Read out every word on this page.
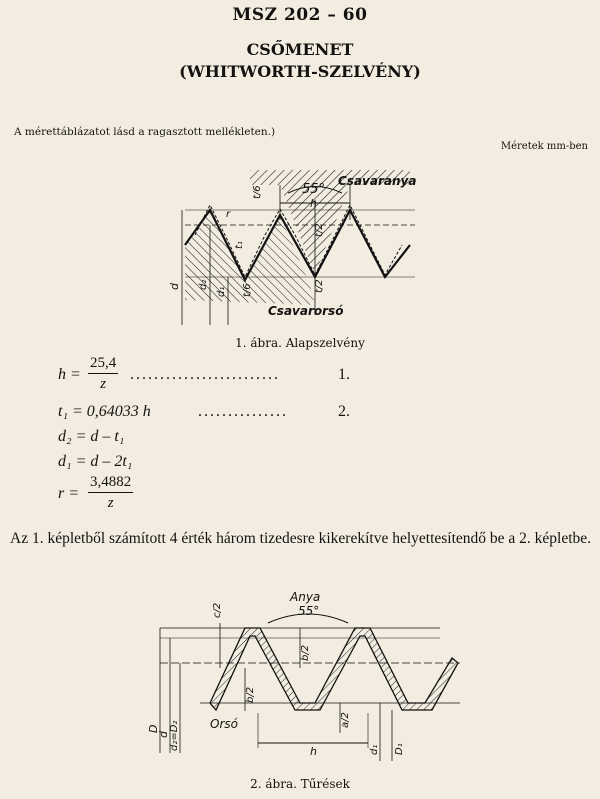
MSZ 202 – 60
CSŐMENET
(WHITWORTH-SZELVÉNY)
A mérettáblázatot lásd a ragasztott mellékleten.)
Méretek mm-ben
55°
Csavaranya
h
t/6
t/2
t/2
t/6
t₁
r
d d₂
d₁
Csavarorsó
1. ábra. Alapszelvény
$h = \frac{25,4}{z}$ .........................	1.
t₁ = 0,64033 h	...............	2.
d₂ = d – t₁
d₁ = d – 2t₁
$r = \frac{3,4882}{z}$
Az 1. képletből számított 4 érték három tizedesre kikerekítve helyettesítendő be a 2. képletbe.
Anya
55°
c/2
b/2
b/2
a/2
Orsó
h
D
d d₂=D₂	d₁ D₁
2. ábra. Tűrések
